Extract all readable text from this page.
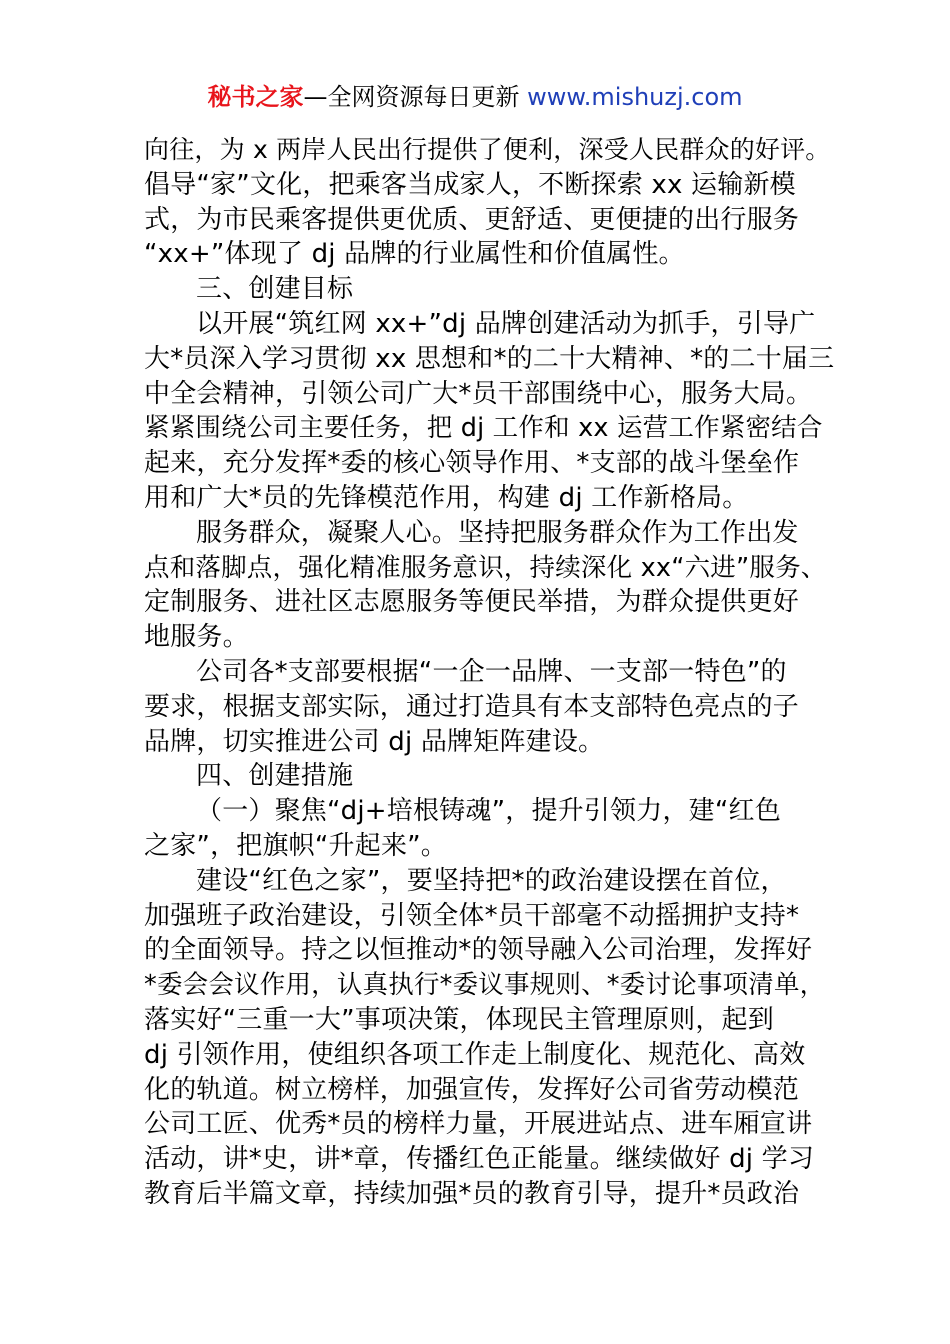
秘书之家—全网资源每日更新 www.mishuzj.com
向往，为 x 两岸人民出行提供了便利，深受人民群众的好评。
倡导“家”文化，把乘客当成家人，不断探索 xx 运输新模
式，为市民乘客提供更优质、更舒适、更便捷的出行服务
“xx+”体现了 dj 品牌的行业属性和价值属性。
三、创建目标
以开展“筑红网 xx+”dj 品牌创建活动为抓手，引导广
大*员深入学习贯彻 xx 思想和*的二十大精神、*的二十届三
中全会精神，引领公司广大*员干部围绕中心，服务大局。
紧紧围绕公司主要任务，把 dj 工作和 xx 运营工作紧密结合
起来，充分发挥*委的核心领导作用、*支部的战斗堡垒作
用和广大*员的先锋模范作用，构建 dj 工作新格局。
服务群众，凝聚人心。坚持把服务群众作为工作出发
点和落脚点，强化精准服务意识，持续深化 xx“六进”服务、
定制服务、进社区志愿服务等便民举措，为群众提供更好
地服务。
公司各*支部要根据“一企一品牌、一支部一特色”的
要求，根据支部实际，通过打造具有本支部特色亮点的子
品牌，切实推进公司 dj 品牌矩阵建设。
四、创建措施
（一）聚焦“dj+培根铸魂”，提升引领力，建“红色
之家”，把旗帜“升起来”。
建设“红色之家”，要坚持把*的政治建设摆在首位，
加强班子政治建设，引领全体*员干部毫不动摇拥护支持*
的全面领导。持之以恒推动*的领导融入公司治理，发挥好
*委会会议作用，认真执行*委议事规则、*委讨论事项清单，
落实好“三重一大”事项决策，体现民主管理原则，起到
dj 引领作用，使组织各项工作走上制度化、规范化、高效
化的轨道。树立榜样，加强宣传，发挥好公司省劳动模范
公司工匠、优秀*员的榜样力量，开展进站点、进车厢宣讲
活动，讲*史，讲*章，传播红色正能量。继续做好 dj 学习
教育后半篇文章，持续加强*员的教育引导，提升*员政治
